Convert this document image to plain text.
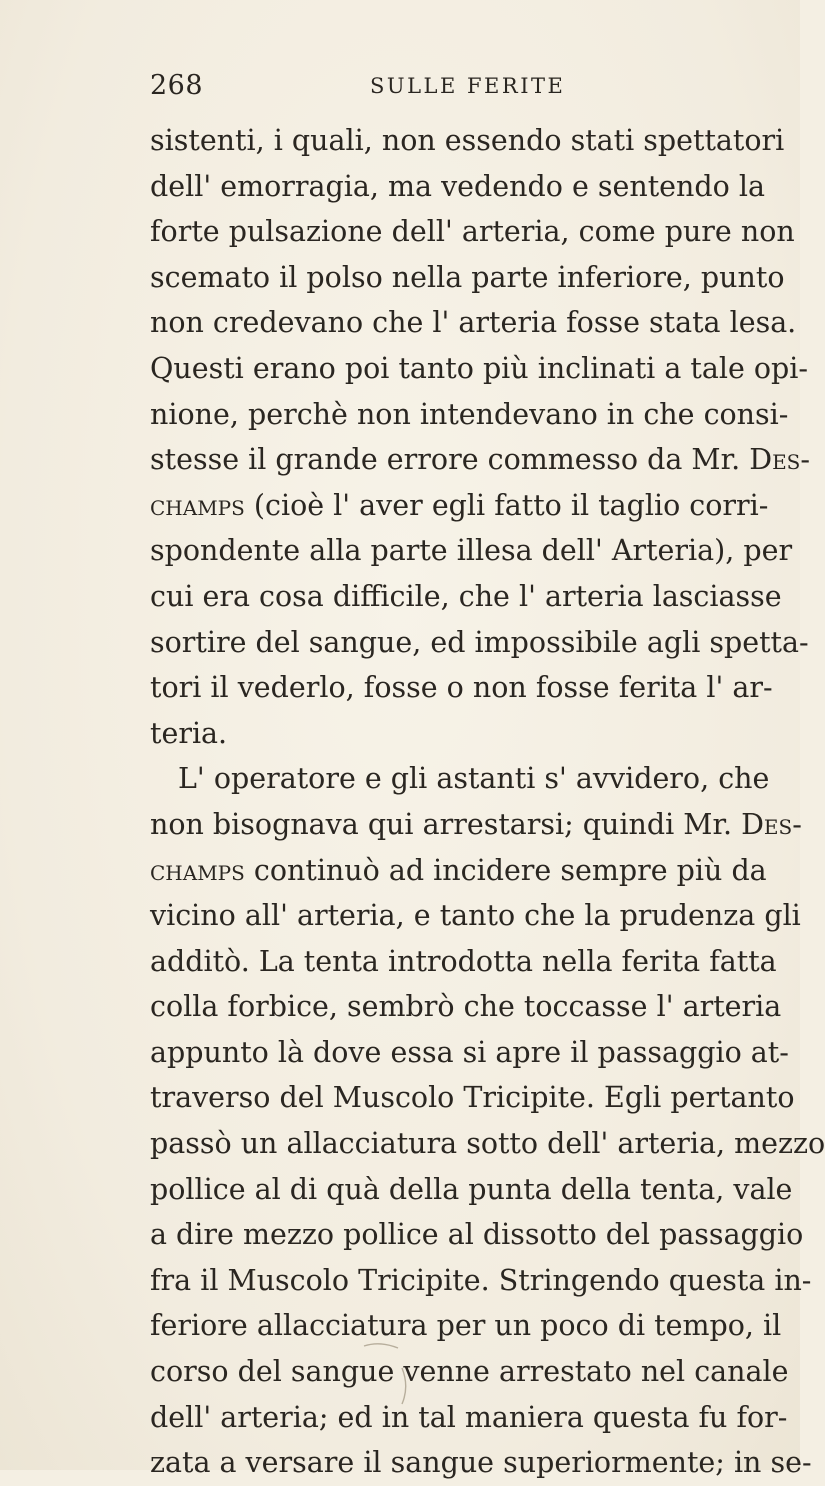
268	SULLE FERITE
sistenti, i quali, non essendo stati spettatori
dell' emorragia, ma vedendo e sentendo la
forte pulsazione dell' arteria, come pure non
scemato il polso nella parte inferiore, punto
non credevano che l' arteria fosse stata lesa.
Questi erano poi tanto più inclinati a tale opi-
nione, perchè non intendevano in che consi-
stesse il grande errore commesso da Mr. Des-
champs (cioè l' aver egli fatto il taglio corri-
spondente alla parte illesa dell' Arteria), per
cui era cosa difficile, che l' arteria lasciasse
sortire del sangue, ed impossibile agli spetta-
tori il vederlo, fosse o non fosse ferita l' ar-
teria.
L' operatore e gli astanti s' avvidero, che
non bisognava qui arrestarsi; quindi Mr. Des-
champs continuò ad incidere sempre più da
vicino all' arteria, e tanto che la prudenza gli
additò. La tenta introdotta nella ferita fatta
colla forbice, sembrò che toccasse l' arteria
appunto là dove essa si apre il passaggio at-
traverso del Muscolo Tricipite. Egli pertanto
passò un allacciatura sotto dell' arteria, mezzo
pollice al di quà della punta della tenta, vale
a dire mezzo pollice al dissotto del passaggio
fra il Muscolo Tricipite. Stringendo questa in-
feriore allacciatura per un poco di tempo, il
corso del sangue venne arrestato nel canale
dell' arteria; ed in tal maniera questa fu for-
zata a versare il sangue superiormente; in se-
